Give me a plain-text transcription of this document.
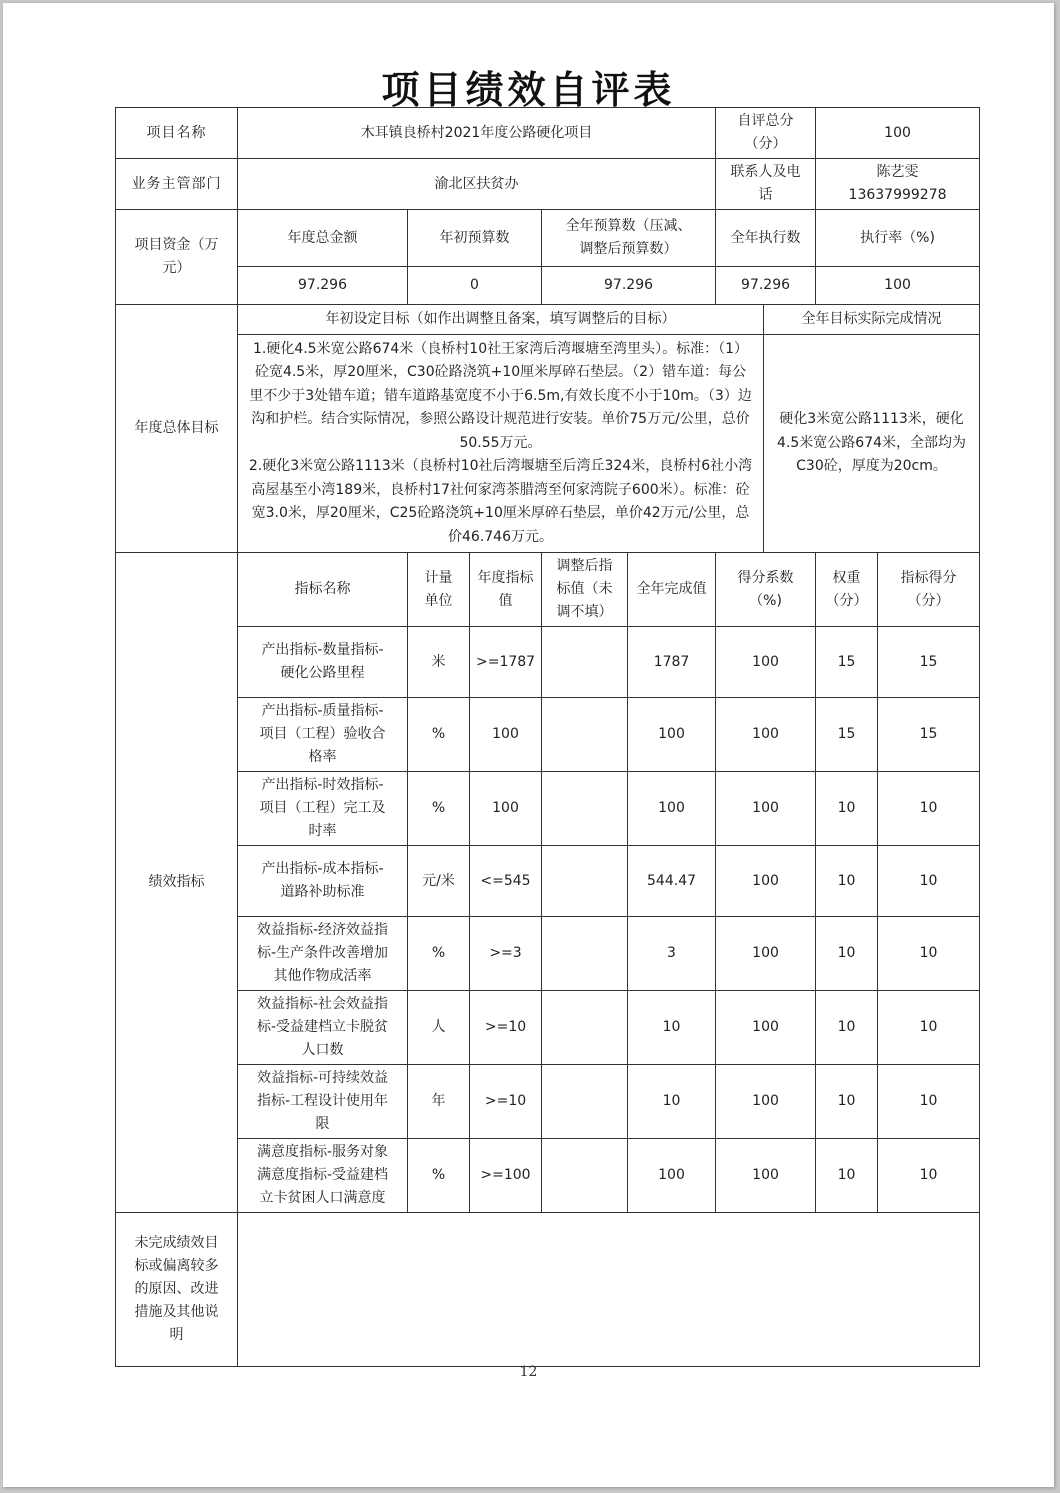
项目绩效自评表
项目名称	木耳镇良桥村2021年度公路硬化项目					自评总分
（分）		100	
业务主管部门	渝北区扶贫办					联系人及电
话		陈艺雯
13637999278	
项目资金（万
元）	年度总金额	年初预算数		全年预算数（压减、
调整后预算数）		全年执行数		执行率（%)	
	97.296	0		97.296		97.296		100	
年度总体目标	年初设定目标（如作出调整且备案，填写调整后的目标）						全年目标实际完成情况		
	1.硬化4.5米宽公路674米（良桥村10社王家湾后湾堰塘至湾里头）。标准：（1）砼宽4.5米，厚20厘米，C30砼路浇筑+10厘米厚碎石垫层。（2）错车道：每公里不少于3处错车道；错车道路基宽度不小于6.5m,有效长度不小于10m。（3）边沟和护栏。结合实际情况，参照公路设计规范进行安装。单价75万元/公里，总价50.55万元。
2.硬化3米宽公路1113米（良桥村10社后湾堰塘至后湾丘324米，良桥村6社小湾高屋基至小湾189米，良桥村17社何家湾茶腊湾至何家湾院子600米）。标准：砼宽3.0米，厚20厘米，C25砼路浇筑+10厘米厚碎石垫层，单价42万元/公里，总价46.746万元。						硬化3米宽公路1113米，硬化4.5米宽公路674米，全部均为C30砼，厚度为20cm。		
绩效指标	指标名称	计量
单位	年度指标
值	调整后指
标值（未
调不填）	全年完成值	得分系数
（%)		权重
（分）	指标得分
（分）
	产出指标-数量指标-
硬化公路里程	米	>=1787		1787	100		15	15
	产出指标-质量指标-
项目（工程）验收合
格率	%	100		100	100		15	15
	产出指标-时效指标-
项目（工程）完工及
时率	%	100		100	100		10	10
	产出指标-成本指标-
道路补助标准	元/米	<=545		544.47	100		10	10
	效益指标-经济效益指
标-生产条件改善增加
其他作物成活率	%	>=3		3	100		10	10
	效益指标-社会效益指
标-受益建档立卡脱贫
人口数	人	>=10		10	100		10	10
	效益指标-可持续效益
指标-工程设计使用年
限	年	>=10		10	100		10	10
	满意度指标-服务对象
满意度指标-受益建档
立卡贫困人口满意度	%	>=100		100	100		10	10
未完成绩效目
标或偏离较多
的原因、改进
措施及其他说
明									
12
